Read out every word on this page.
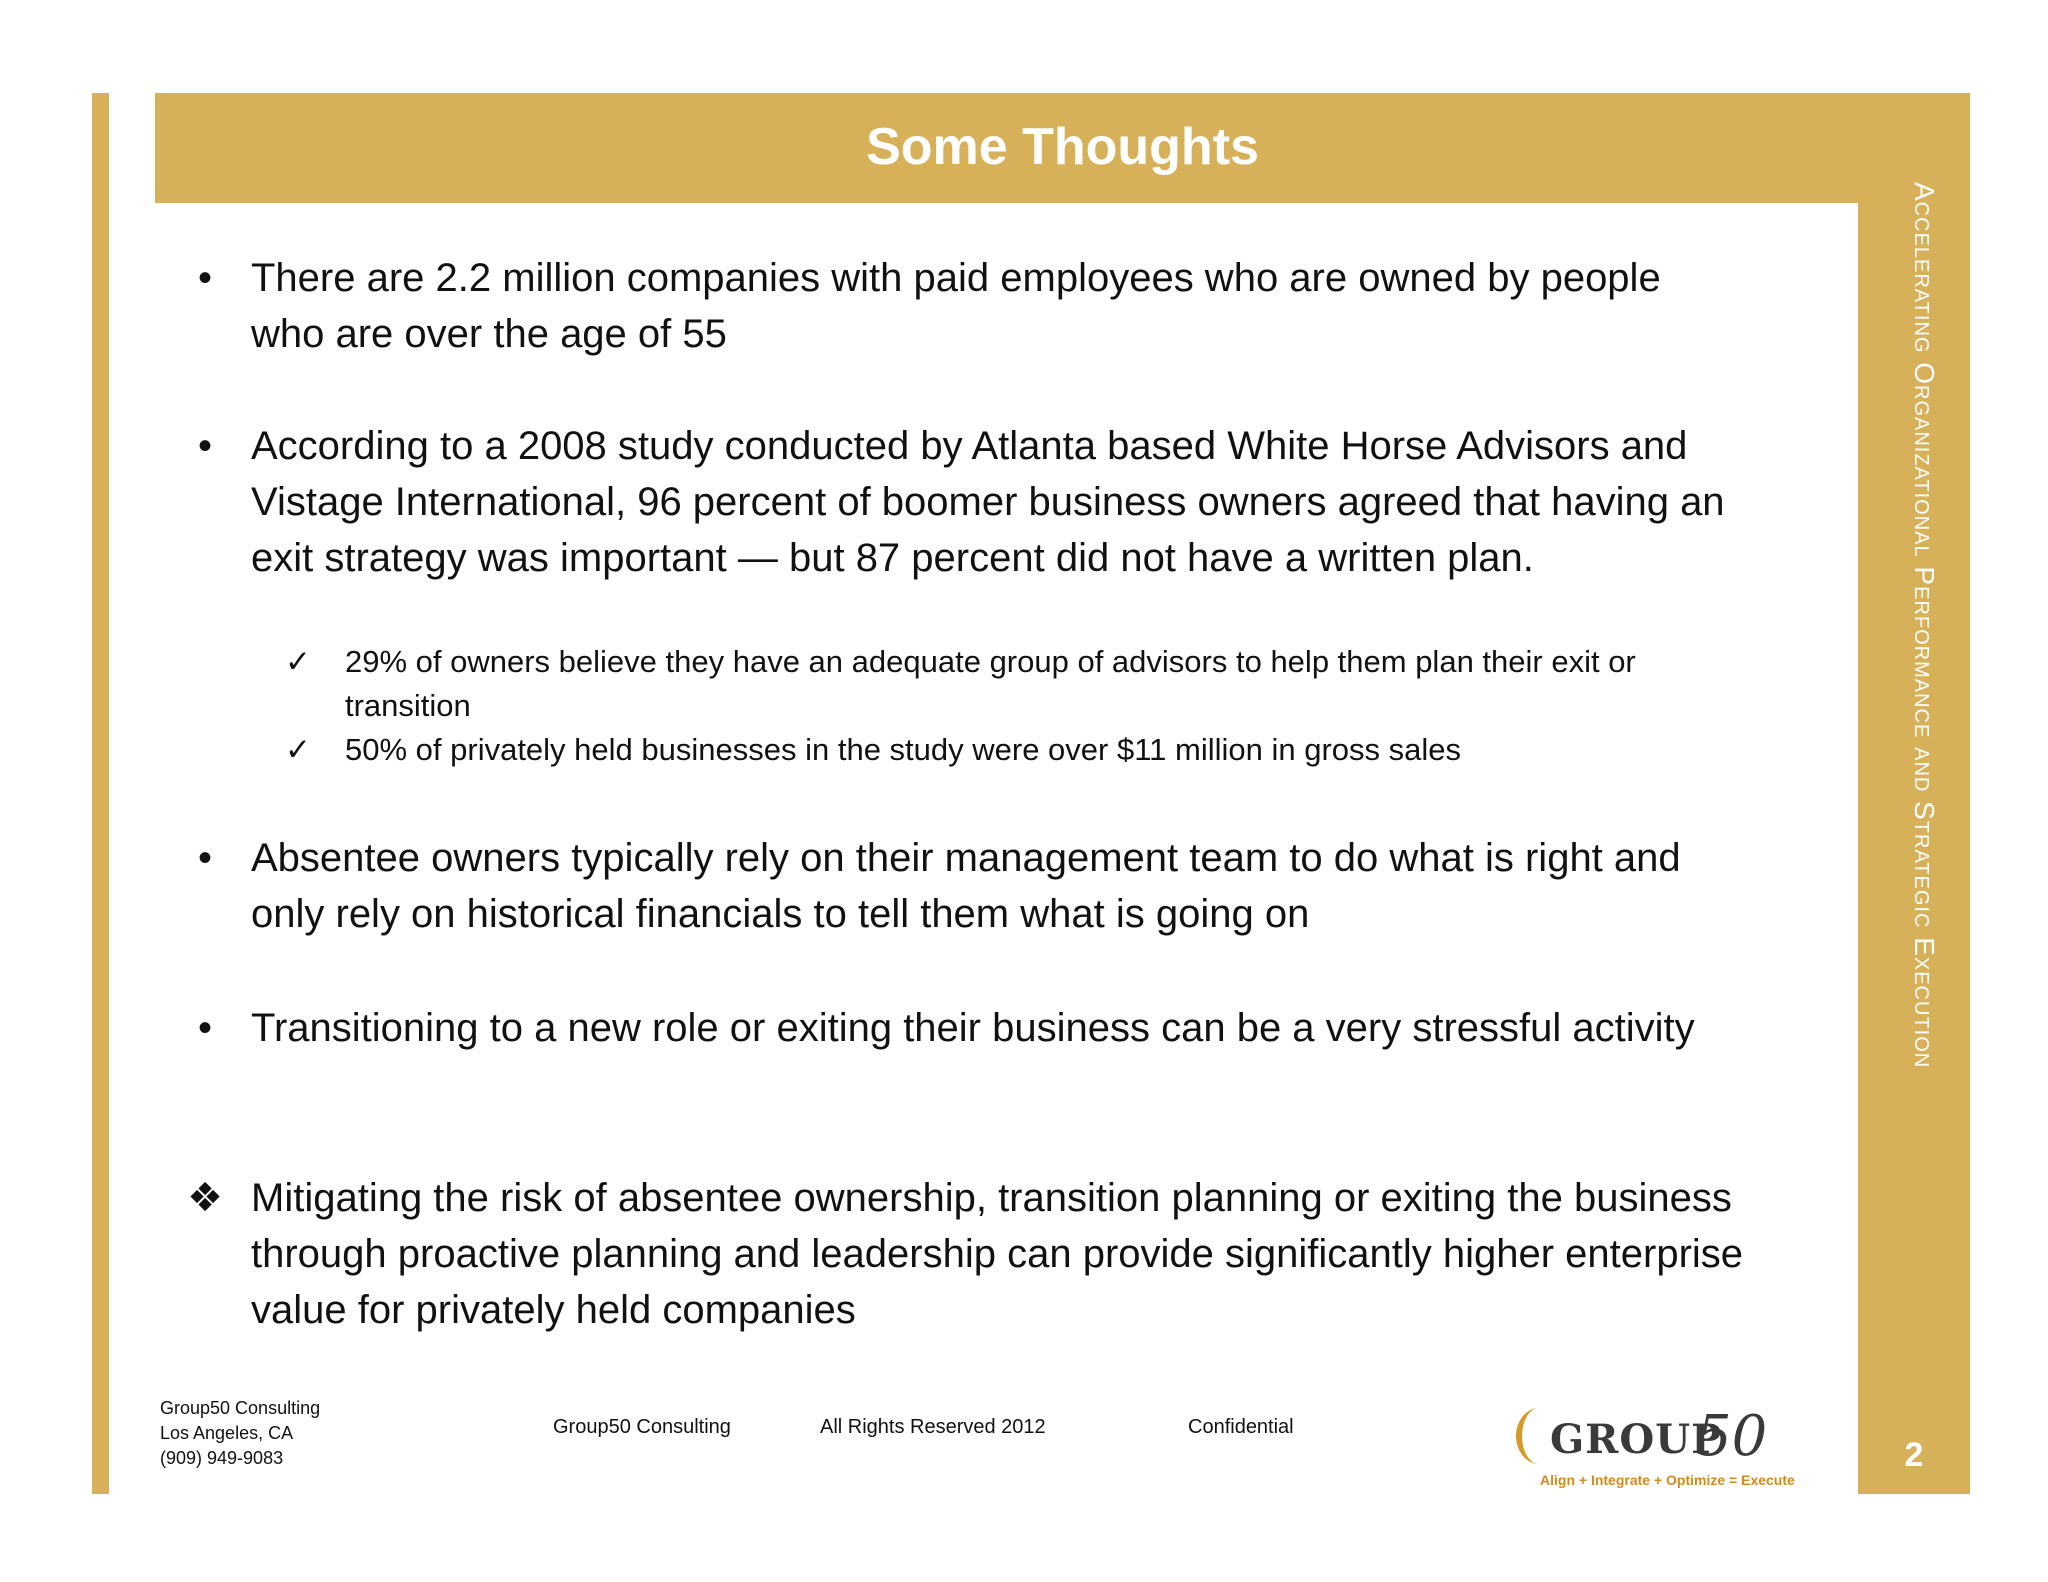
Some Thoughts
Accelerating Organizational Performance and Strategic Execution
2
• There are 2.2 million companies with paid employees who are owned by people who are over the age of 55
• According to a 2008 study conducted by Atlanta based White Horse Advisors and Vistage International, 96 percent of boomer business owners agreed that having an exit strategy was important — but 87 percent did not have a written plan.
✓ 29% of owners believe they have an adequate group of advisors to help them plan their exit or transition
✓ 50% of privately held businesses in the study were over $11 million in gross sales
• Absentee owners typically rely on their management team to do what is right and only rely on historical financials to tell them what is going on
• Transitioning to a new role or exiting their business can be a very stressful activity
❖ Mitigating the risk of absentee ownership, transition planning or exiting the business through proactive planning and leadership can provide significantly higher enterprise value for privately held companies
Group50 Consulting
Los Angeles, CA
(909) 949-9083
Group50 Consulting	All Rights Reserved 2012	Confidential	GROUP
50
Align + Integrate + Optimize = Execute
